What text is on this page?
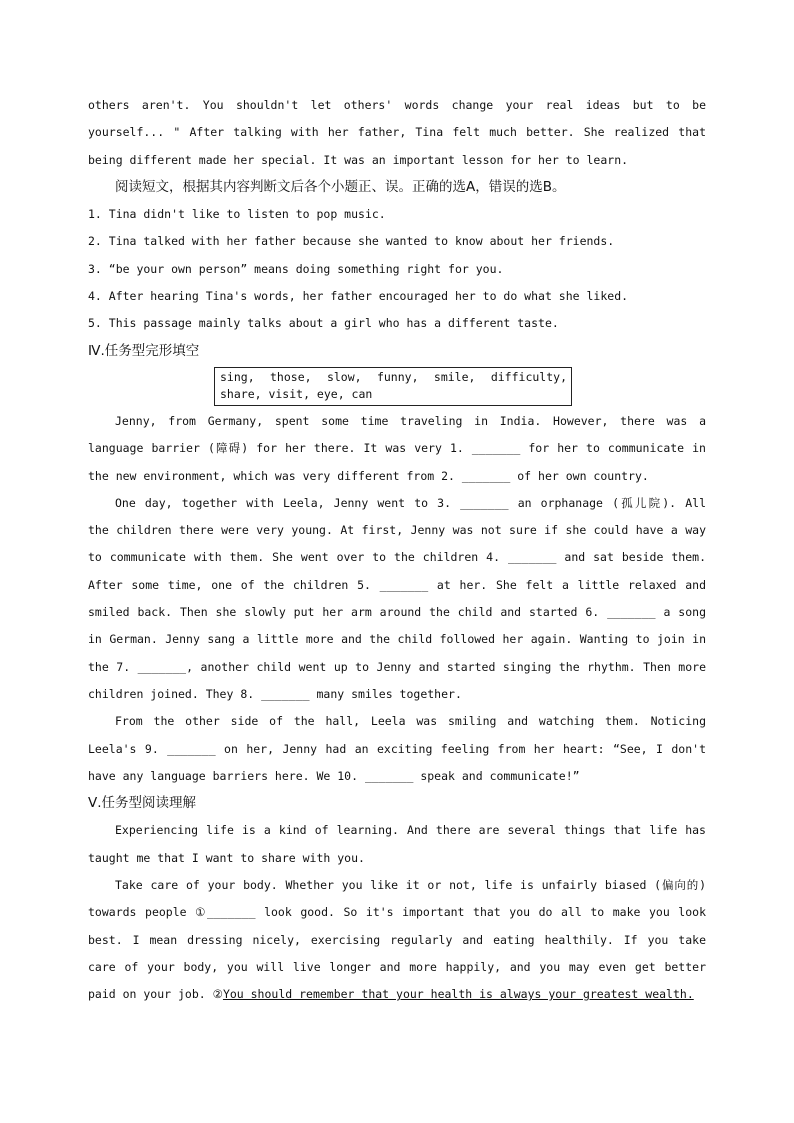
others aren't. You shouldn't let others' words change your real ideas but to be
yourself... " After talking with her father, Tina felt much better. She realized that
being different made her special. It was an important lesson for her to learn.
阅读短文，根据其内容判断文后各个小题正、误。正确的选A，错误的选B。
1. Tina didn't like to listen to pop music.
2. Tina talked with her father because she wanted to know about her friends.
3. “be your own person” means doing something right for you.
4. After hearing Tina's words, her father encouraged her to do what she liked.
5. This passage mainly talks about a girl who has a different taste.
Ⅳ.任务型完形填空
sing, those, slow, funny, smile, difficulty,
share, visit, eye, can
Jenny, from Germany, spent some time traveling in India. However, there was a
language barrier (障碍) for her there. It was very 1. _______ for her to communicate in
the new environment, which was very different from 2. _______ of her own country.
One day, together with Leela, Jenny went to 3. _______ an orphanage (孤儿院). All
the children there were very young. At first, Jenny was not sure if she could have a way
to communicate with them. She went over to the children 4. _______ and sat beside them.
After some time, one of the children 5. _______ at her. She felt a little relaxed and
smiled back. Then she slowly put her arm around the child and started 6. _______ a song
in German. Jenny sang a little more and the child followed her again. Wanting to join in
the 7. _______, another child went up to Jenny and started singing the rhythm. Then more
children joined. They 8. _______ many smiles together.
From the other side of the hall, Leela was smiling and watching them. Noticing
Leela's 9. _______ on her, Jenny had an exciting feeling from her heart: “See, I don't
have any language barriers here. We 10. _______ speak and communicate!”
Ⅴ.任务型阅读理解
Experiencing life is a kind of learning. And there are several things that life has
taught me that I want to share with you.
Take care of your body. Whether you like it or not, life is unfairly biased (偏向的)
towards people ①_______ look good. So it's important that you do all to make you look
best. I mean dressing nicely, exercising regularly and eating healthily. If you take
care of your body, you will live longer and more happily, and you may even get better
paid on your job. ②You should remember that your health is always your greatest wealth.
